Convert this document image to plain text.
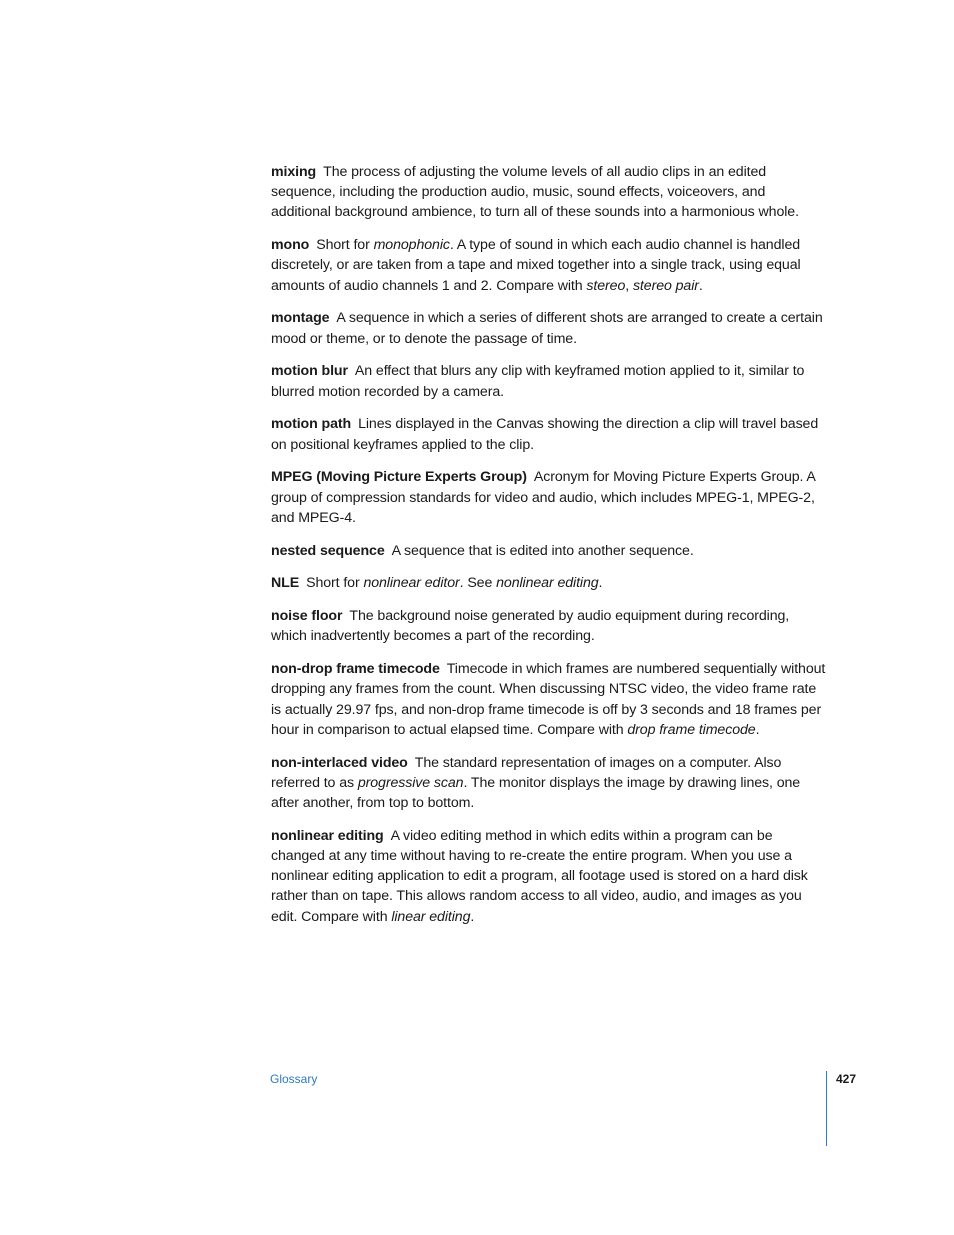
mixing The process of adjusting the volume levels of all audio clips in an edited sequence, including the production audio, music, sound effects, voiceovers, and additional background ambience, to turn all of these sounds into a harmonious whole.

mono Short for monophonic. A type of sound in which each audio channel is handled discretely, or are taken from a tape and mixed together into a single track, using equal amounts of audio channels 1 and 2. Compare with stereo, stereo pair.

montage A sequence in which a series of different shots are arranged to create a certain mood or theme, or to denote the passage of time.

motion blur An effect that blurs any clip with keyframed motion applied to it, similar to blurred motion recorded by a camera.

motion path Lines displayed in the Canvas showing the direction a clip will travel based on positional keyframes applied to the clip.

MPEG (Moving Picture Experts Group) Acronym for Moving Picture Experts Group. A group of compression standards for video and audio, which includes MPEG-1, MPEG-2, and MPEG-4.

nested sequence A sequence that is edited into another sequence.

NLE Short for nonlinear editor. See nonlinear editing.

noise floor The background noise generated by audio equipment during recording, which inadvertently becomes a part of the recording.

non-drop frame timecode Timecode in which frames are numbered sequentially without dropping any frames from the count. When discussing NTSC video, the video frame rate is actually 29.97 fps, and non-drop frame timecode is off by 3 seconds and 18 frames per hour in comparison to actual elapsed time. Compare with drop frame timecode.

non-interlaced video The standard representation of images on a computer. Also referred to as progressive scan. The monitor displays the image by drawing lines, one after another, from top to bottom.

nonlinear editing A video editing method in which edits within a program can be changed at any time without having to re-create the entire program. When you use a nonlinear editing application to edit a program, all footage used is stored on a hard disk rather than on tape. This allows random access to all video, audio, and images as you edit. Compare with linear editing.

Glossary	427
